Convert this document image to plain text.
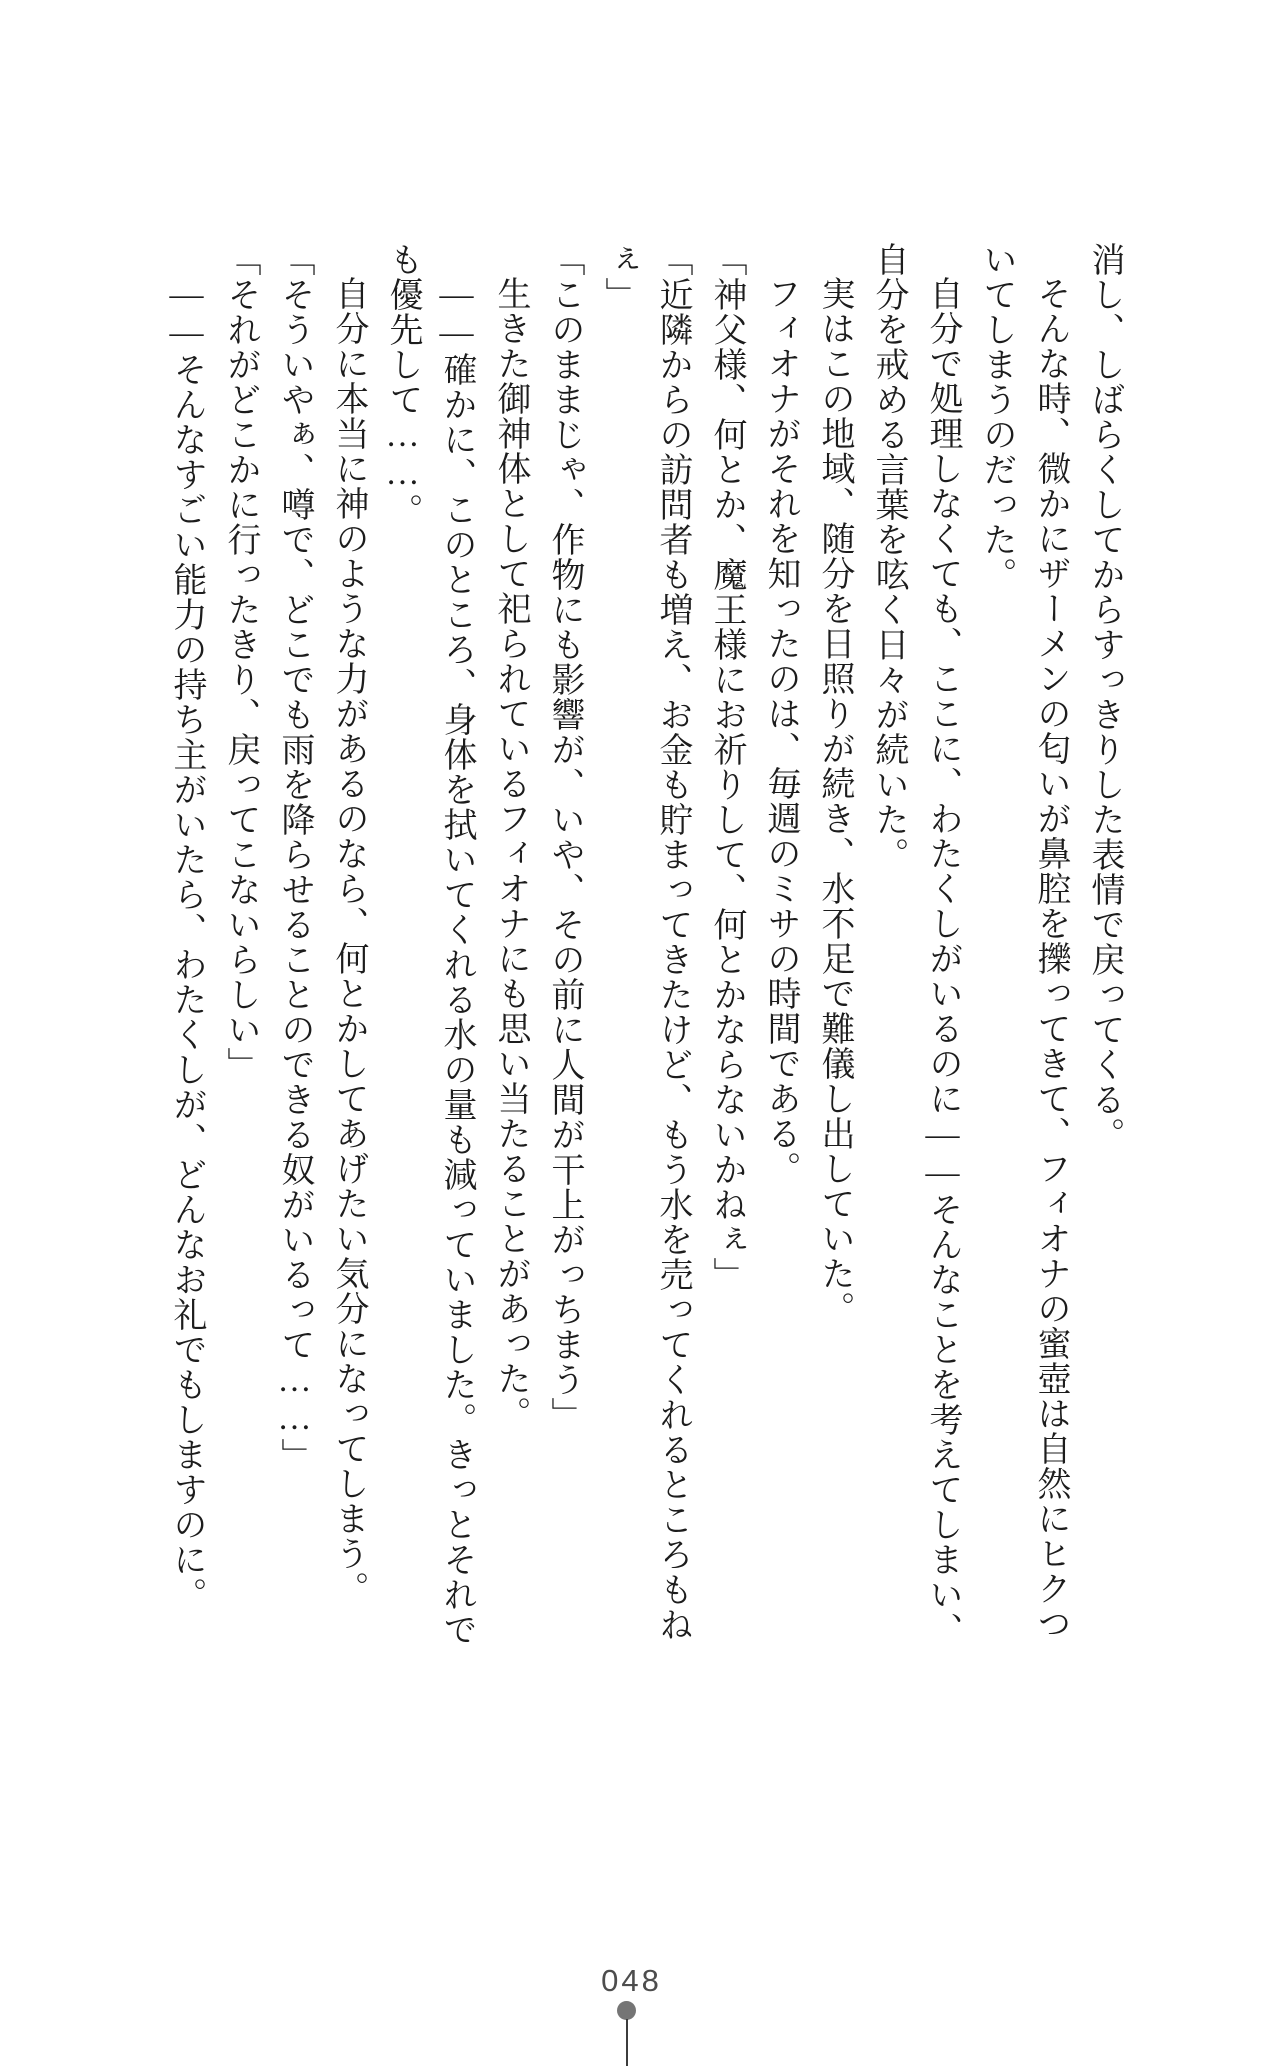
消し、しばらくしてからすっきりした表情で戻ってくる。

そんな時、微かにザーメンの匂いが鼻腔を擽ってきて、フィオナの蜜壺は自然にヒクつ

いてしまうのだった。

自分で処理しなくても、ここに、わたくしがいるのに――そんなことを考えてしまい、

自分を戒める言葉を呟く日々が続いた。

実はこの地域、随分を日照りが続き、水不足で難儀し出していた。

フィオナがそれを知ったのは、毎週のミサの時間である。

「神父様、何とか、魔王様にお祈りして、何とかならないかねぇ」

「近隣からの訪問者も増え、お金も貯まってきたけど、もう水を売ってくれるところもね

ぇ」

「このままじゃ、作物にも影響が、いや、その前に人間が干上がっちまう」

生きた御神体として祀られているフィオナにも思い当たることがあった。

――確かに、このところ、身体を拭いてくれる水の量も減っていました。きっとそれで

も優先して……。

自分に本当に神のような力があるのなら、何とかしてあげたい気分になってしまう。

「そういやぁ、噂で、どこでも雨を降らせることのできる奴がいるって……」

「それがどこかに行ったきり、戻ってこないらしい」

――そんなすごい能力の持ち主がいたら、わたくしが、どんなお礼でもしますのに。

048
